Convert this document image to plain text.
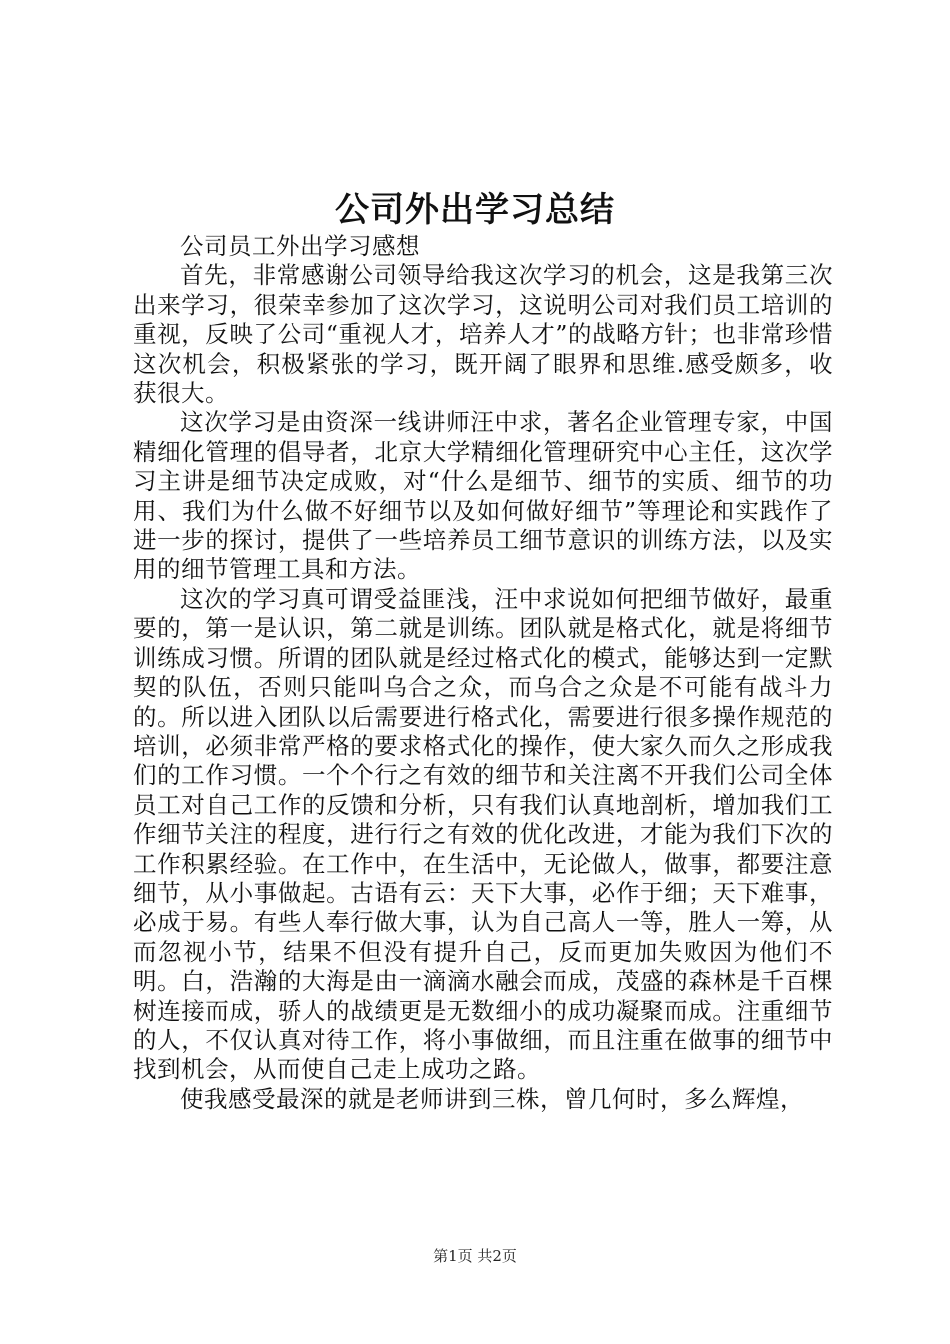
公司外出学习总结

公司员工外出学习感想

首先，非常感谢公司领导给我这次学习的机会，这是我第三次出来学习，很荣幸参加了这次学习，这说明公司对我们员工培训的重视，反映了公司“重视人才，培养人才”的战略方针；也非常珍惜这次机会，积极紧张的学习，既开阔了眼界和思维.感受颇多，收获很大。

这次学习是由资深一线讲师汪中求，著名企业管理专家，中国精细化管理的倡导者，北京大学精细化管理研究中心主任，这次学习主讲是细节决定成败，对“什么是细节、细节的实质、细节的功用、我们为什么做不好细节以及如何做好细节”等理论和实践作了进一步的探讨，提供了一些培养员工细节意识的训练方法，以及实用的细节管理工具和方法。

这次的学习真可谓受益匪浅，汪中求说如何把细节做好，最重要的，第一是认识，第二就是训练。团队就是格式化，就是将细节训练成习惯。所谓的团队就是经过格式化的模式，能够达到一定默契的队伍，否则只能叫乌合之众，而乌合之众是不可能有战斗力的。所以进入团队以后需要进行格式化，需要进行很多操作规范的培训，必须非常严格的要求格式化的操作，使大家久而久之形成我们的工作习惯。一个个行之有效的细节和关注离不开我们公司全体员工对自己工作的反馈和分析，只有我们认真地剖析，增加我们工作细节关注的程度，进行行之有效的优化改进，才能为我们下次的工作积累经验。在工作中，在生活中，无论做人，做事，都要注意细节，从小事做起。古语有云：天下大事，必作于细；天下难事，必成于易。有些人奉行做大事，认为自己高人一等，胜人一筹，从而忽视小节，结果不但没有提升自己，反而更加失败因为他们不明。白，浩瀚的大海是由一滴滴水融会而成，茂盛的森林是千百棵树连接而成，骄人的战绩更是无数细小的成功凝聚而成。注重细节的人，不仅认真对待工作，将小事做细，而且注重在做事的细节中找到机会，从而使自己走上成功之路。

使我感受最深的就是老师讲到三株，曾几何时，多么辉煌，

第1页 共2页
